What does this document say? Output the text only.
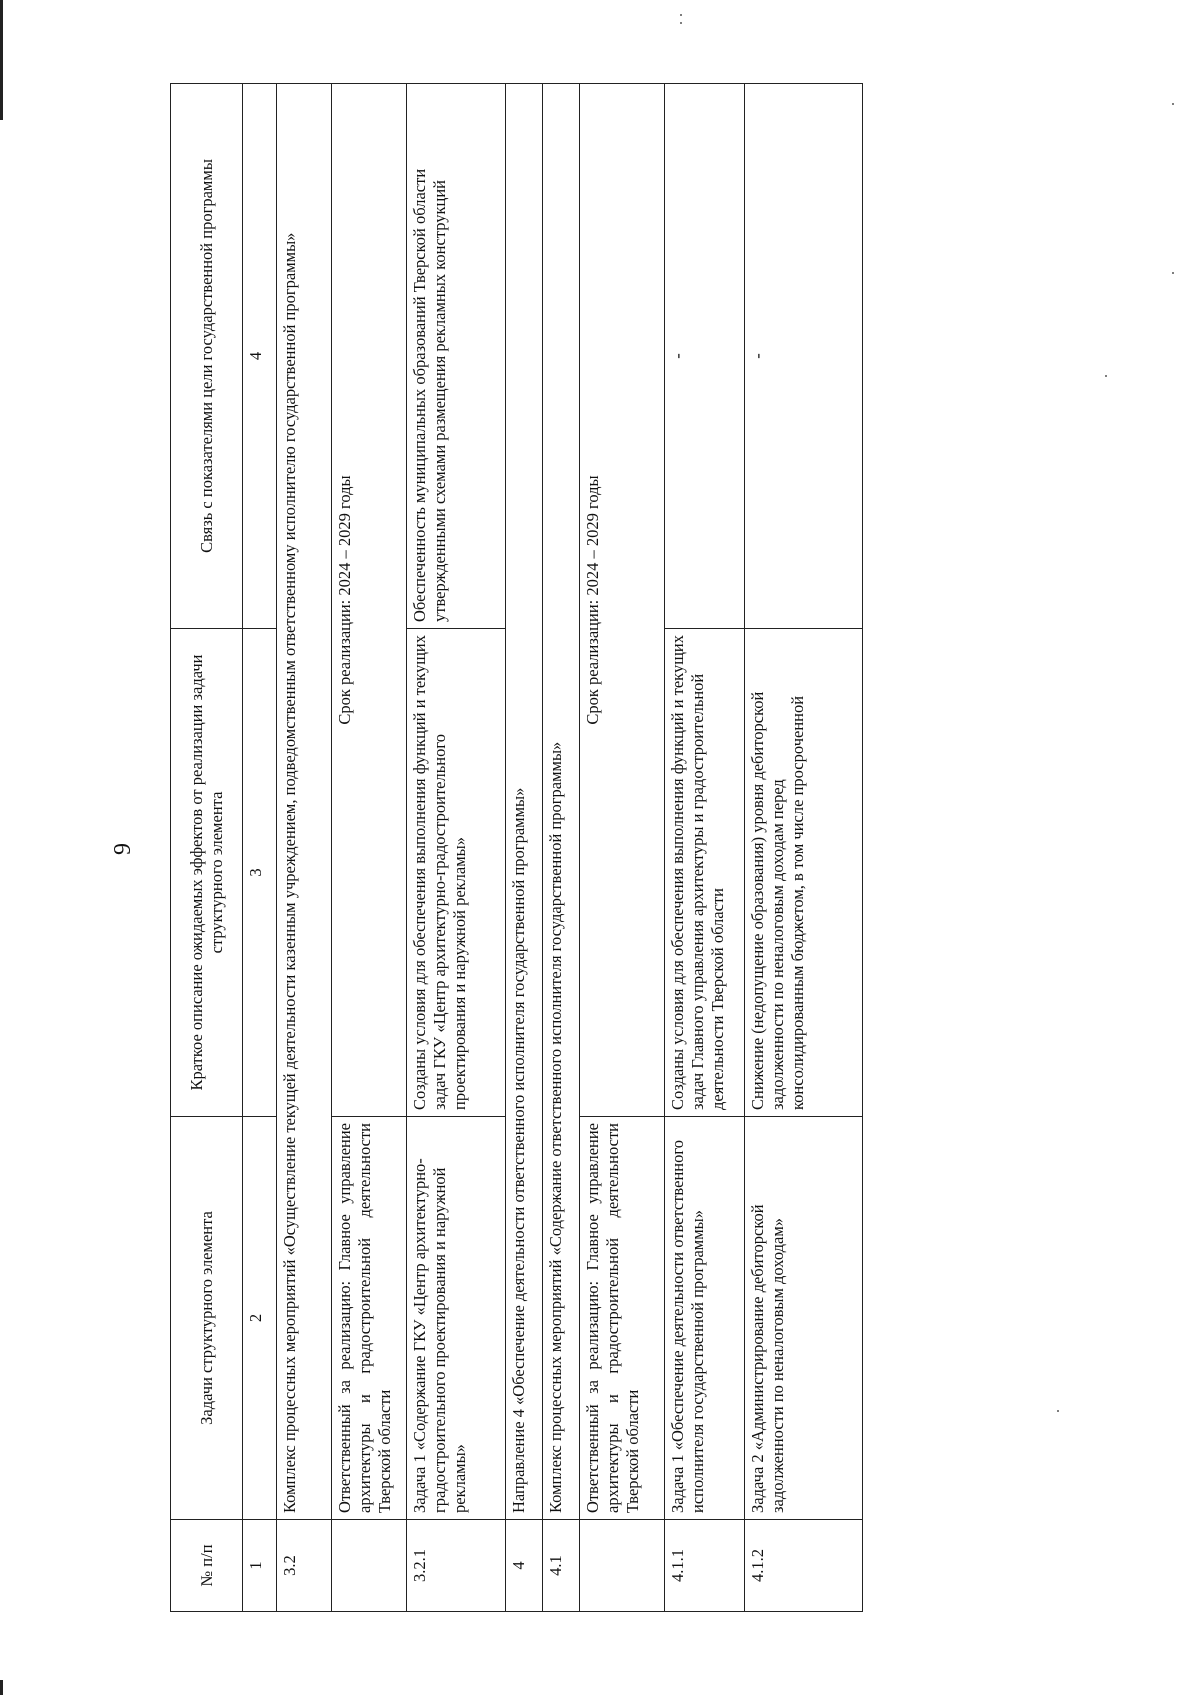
9
№ п/п	Задачи структурного элемента	Краткое описание ожидаемых эффектов от реализации задачи структурного элемента	Связь с показателями цели государственной программы
1	2	3	4
3.2	Комплекс процессных мероприятий «Осуществление текущей деятельности казенным учреждением, подведомственным ответственному исполнителю государственной программы»		
	Ответственный за реализацию: Главное управление архитектуры и градостроительной деятельности Тверской области	Срок реализации: 2024 – 2029 годы	
3.2.1	Задача 1 «Содержание ГКУ «Центр архитектурно-градостроительного проектирования и наружной рекламы»	Созданы условия для обеспечения выполнения функций и текущих задач ГКУ «Центр архитектурно-градостроительного проектирования и наружной рекламы»	Обеспеченность муниципальных образований Тверской области утвержденными схемами размещения рекламных конструкций
4	Направление 4 «Обеспечение деятельности ответственного исполнителя государственной программы»		
4.1	Комплекс процессных мероприятий «Содержание ответственного исполнителя государственной программы»		
	Ответственный за реализацию: Главное управление архитектуры и градостроительной деятельности Тверской области	Срок реализации: 2024 – 2029 годы	
4.1.1	Задача 1 «Обеспечение деятельности ответственного исполнителя государственной программы»	Созданы условия для обеспечения выполнения функций и текущих задач Главного управления архитектуры и градостроительной деятельности Тверской области	-
4.1.2	Задача 2 «Администрирование дебиторской задолженности по неналоговым доходам»	Снижение (недопущение образования) уровня дебиторской задолженности по неналоговым доходам перед консолидированным бюджетом, в том числе просроченной	-
